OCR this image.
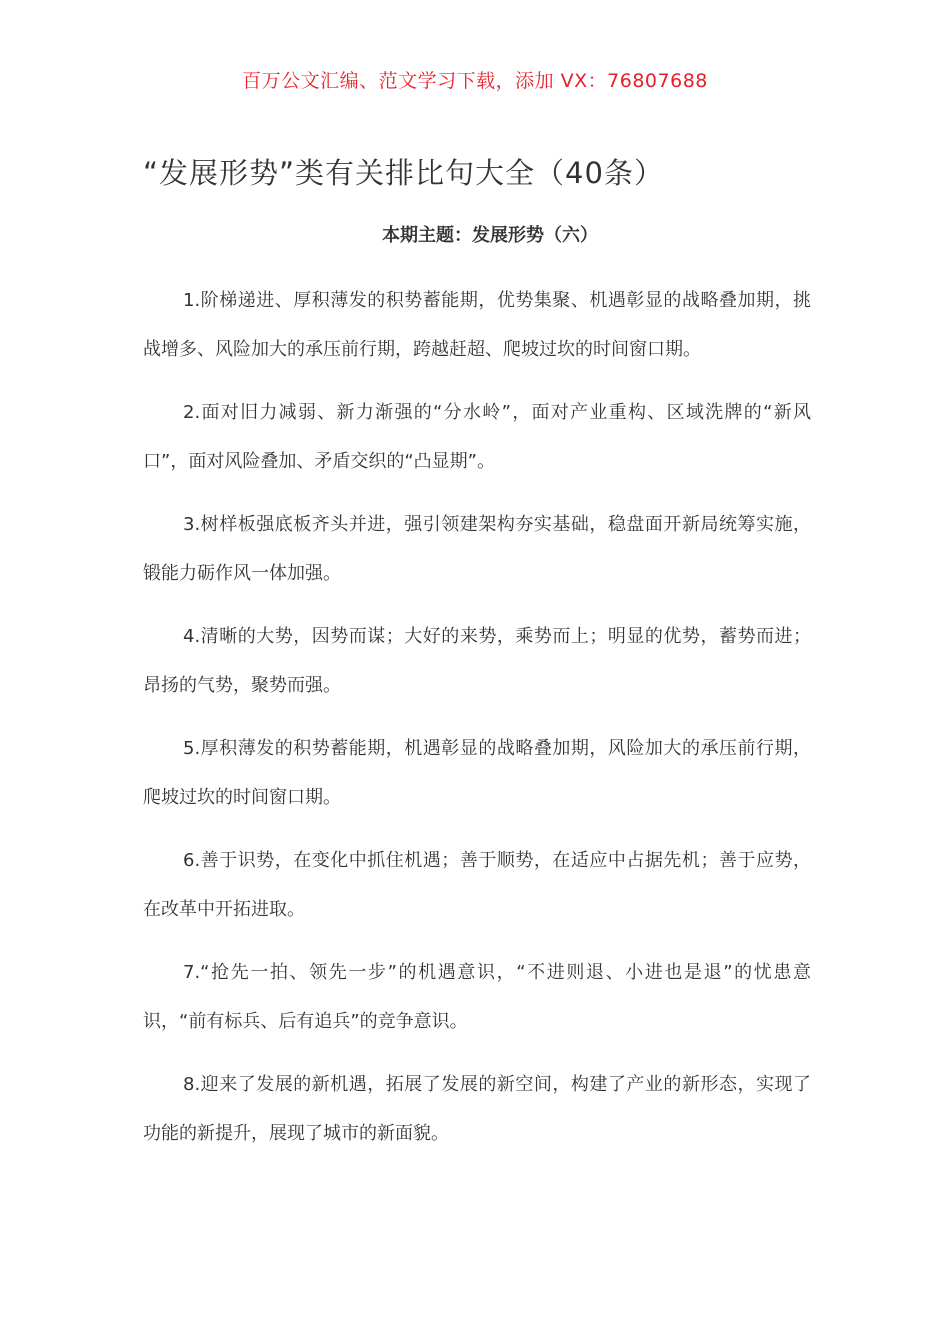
百万公文汇编、范文学习下载，添加 VX：76807688
“发展形势”类有关排比句大全（40条）
本期主题：发展形势（六）

1.阶梯递进、厚积薄发的积势蓄能期，优势集聚、机遇彰显的战略叠加期，挑战增多、风险加大的承压前行期，跨越赶超、爬坡过坎的时间窗口期。

2.面对旧力减弱、新力渐强的“分水岭”，面对产业重构、区域洗牌的“新风口”，面对风险叠加、矛盾交织的“凸显期”。

3.树样板强底板齐头并进，强引领建架构夯实基础，稳盘面开新局统筹实施，锻能力砺作风一体加强。

4.清晰的大势，因势而谋；大好的来势，乘势而上；明显的优势，蓄势而进；昂扬的气势，聚势而强。

5.厚积薄发的积势蓄能期，机遇彰显的战略叠加期，风险加大的承压前行期，爬坡过坎的时间窗口期。

6.善于识势，在变化中抓住机遇；善于顺势，在适应中占据先机；善于应势，在改革中开拓进取。

7.“抢先一拍、领先一步”的机遇意识，“不进则退、小进也是退”的忧患意识，“前有标兵、后有追兵”的竞争意识。

8.迎来了发展的新机遇，拓展了发展的新空间，构建了产业的新形态，实现了功能的新提升，展现了城市的新面貌。
